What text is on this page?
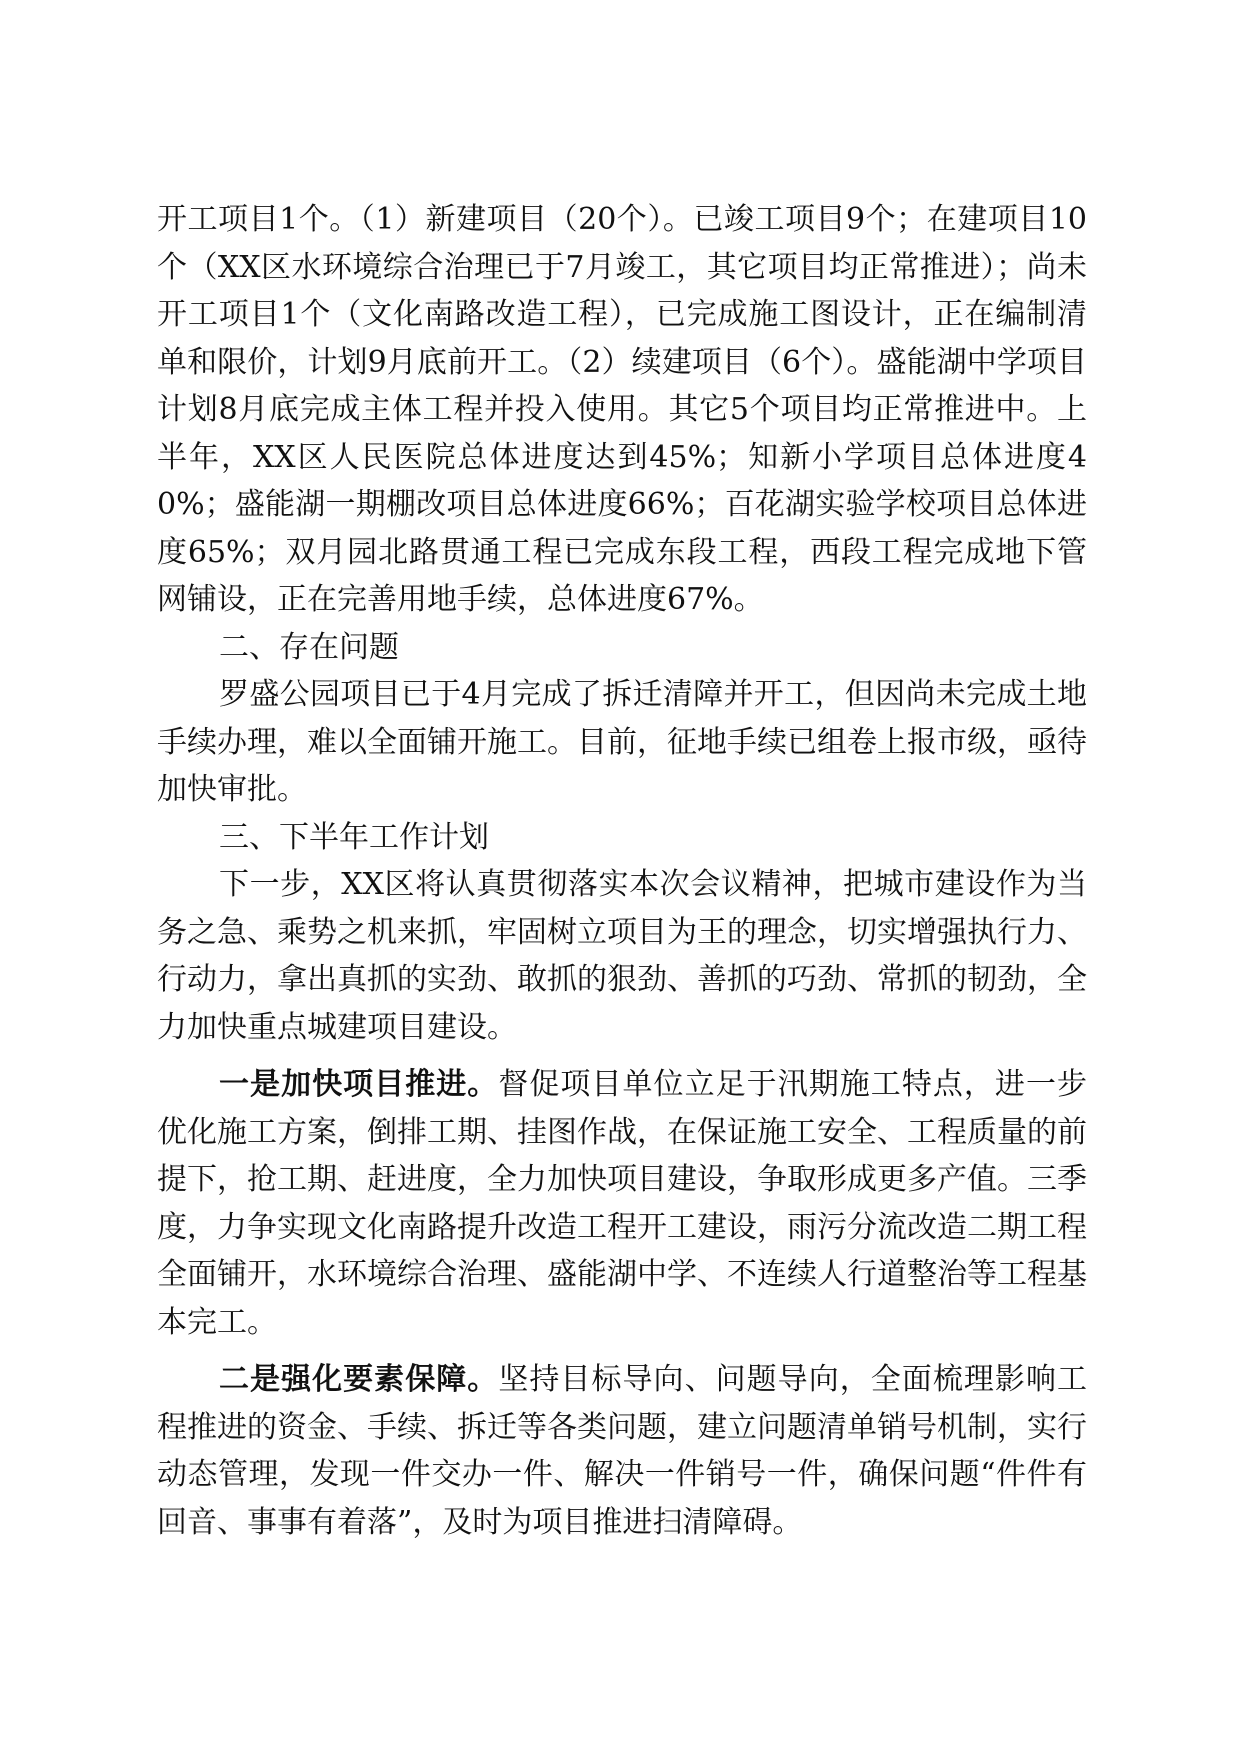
开工项目1个。（1）新建项目（20个）。已竣工项目9个；在建项目10个（XX区水环境综合治理已于7月竣工，其它项目均正常推进）；尚未开工项目1个（文化南路改造工程），已完成施工图设计，正在编制清单和限价，计划9月底前开工。（2）续建项目（6个）。盛能湖中学项目计划8月底完成主体工程并投入使用。其它5个项目均正常推进中。上半年，XX区人民医院总体进度达到45%；知新小学项目总体进度40%；盛能湖一期棚改项目总体进度66%；百花湖实验学校项目总体进度65%；双月园北路贯通工程已完成东段工程，西段工程完成地下管网铺设，正在完善用地手续，总体进度67%。

二、存在问题

罗盛公园项目已于4月完成了拆迁清障并开工，但因尚未完成土地手续办理，难以全面铺开施工。目前，征地手续已组卷上报市级，亟待加快审批。

三、下半年工作计划

下一步，XX区将认真贯彻落实本次会议精神，把城市建设作为当务之急、乘势之机来抓，牢固树立项目为王的理念，切实增强执行力、行动力，拿出真抓的实劲、敢抓的狠劲、善抓的巧劲、常抓的韧劲，全力加快重点城建项目建设。

一是加快项目推进。督促项目单位立足于汛期施工特点，进一步优化施工方案，倒排工期、挂图作战，在保证施工安全、工程质量的前提下，抢工期、赶进度，全力加快项目建设，争取形成更多产值。三季度，力争实现文化南路提升改造工程开工建设，雨污分流改造二期工程全面铺开，水环境综合治理、盛能湖中学、不连续人行道整治等工程基本完工。

二是强化要素保障。坚持目标导向、问题导向，全面梳理影响工程推进的资金、手续、拆迁等各类问题，建立问题清单销号机制，实行动态管理，发现一件交办一件、解决一件销号一件，确保问题“件件有回音、事事有着落”，及时为项目推进扫清障碍。
